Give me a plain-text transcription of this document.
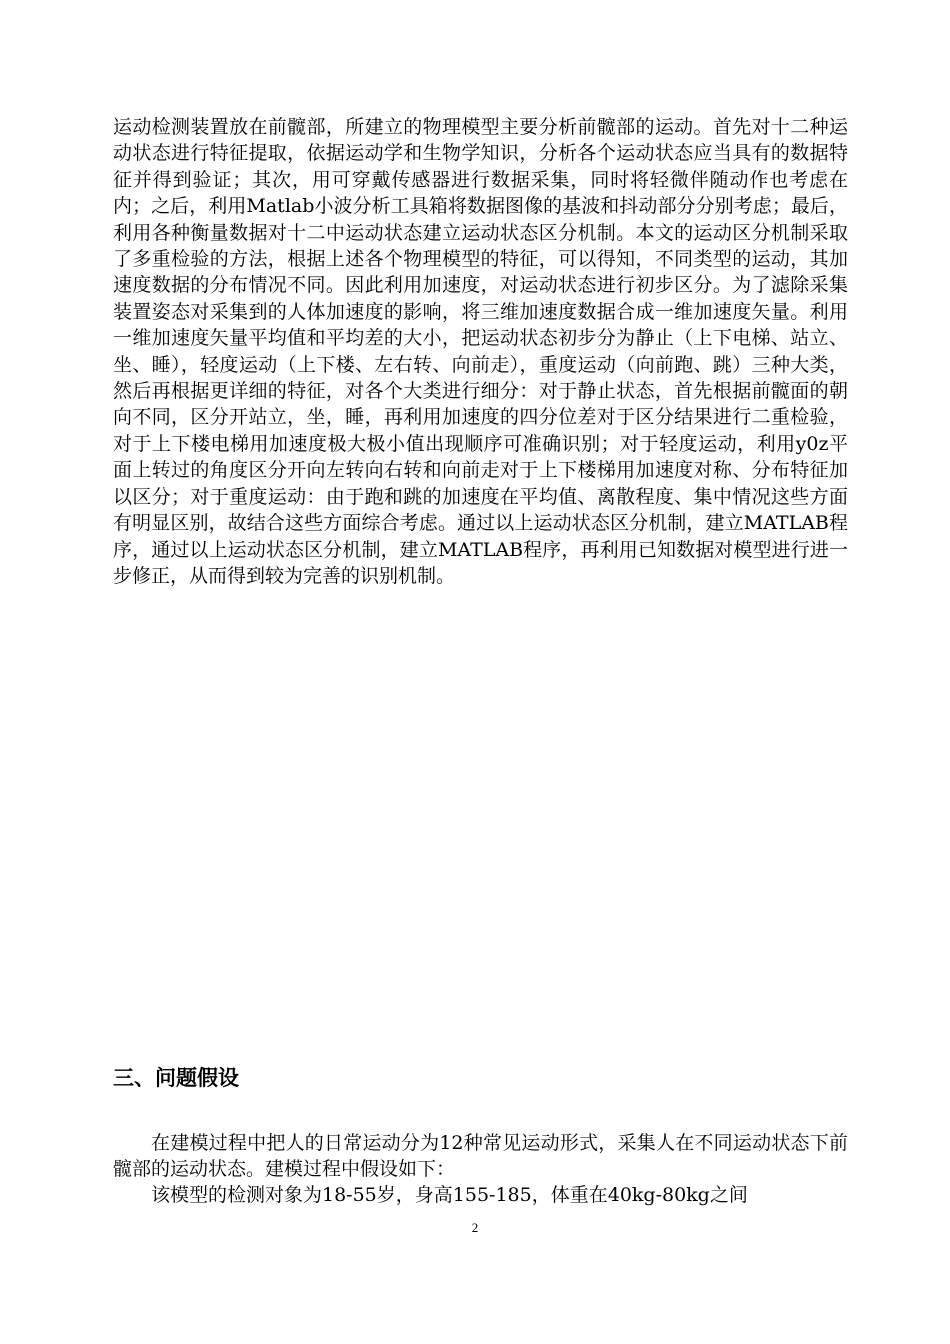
运动检测装置放在前髋部，所建立的物理模型主要分析前髋部的运动。首先对十二种运动状态进行特征提取，依据运动学和生物学知识，分析各个运动状态应当具有的数据特征并得到验证；其次，用可穿戴传感器进行数据采集，同时将轻微伴随动作也考虑在内；之后，利用Matlab小波分析工具箱将数据图像的基波和抖动部分分别考虑；最后，利用各种衡量数据对十二中运动状态建立运动状态区分机制。本文的运动区分机制采取了多重检验的方法，根据上述各个物理模型的特征，可以得知，不同类型的运动，其加速度数据的分布情况不同。因此利用加速度，对运动状态进行初步区分。为了滤除采集装置姿态对采集到的人体加速度的影响，将三维加速度数据合成一维加速度矢量。利用一维加速度矢量平均值和平均差的大小，把运动状态初步分为静止（上下电梯、站立、坐、睡），轻度运动（上下楼、左右转、向前走），重度运动（向前跑、跳）三种大类，然后再根据更详细的特征，对各个大类进行细分：对于静止状态，首先根据前髋面的朝向不同，区分开站立，坐，睡，再利用加速度的四分位差对于区分结果进行二重检验，对于上下楼电梯用加速度极大极小值出现顺序可准确识别；对于轻度运动，利用y0z平面上转过的角度区分开向左转向右转和向前走对于上下楼梯用加速度对称、分布特征加以区分；对于重度运动：由于跑和跳的加速度在平均值、离散程度、集中情况这些方面有明显区别，故结合这些方面综合考虑。通过以上运动状态区分机制，建立MATLAB程序，通过以上运动状态区分机制，建立MATLAB程序，再利用已知数据对模型进行进一步修正，从而得到较为完善的识别机制。

三、问题假设

在建模过程中把人的日常运动分为12种常见运动形式，采集人在不同运动状态下前髋部的运动状态。建模过程中假设如下：

该模型的检测对象为18-55岁，身高155-185，体重在40kg-80kg之间

2
